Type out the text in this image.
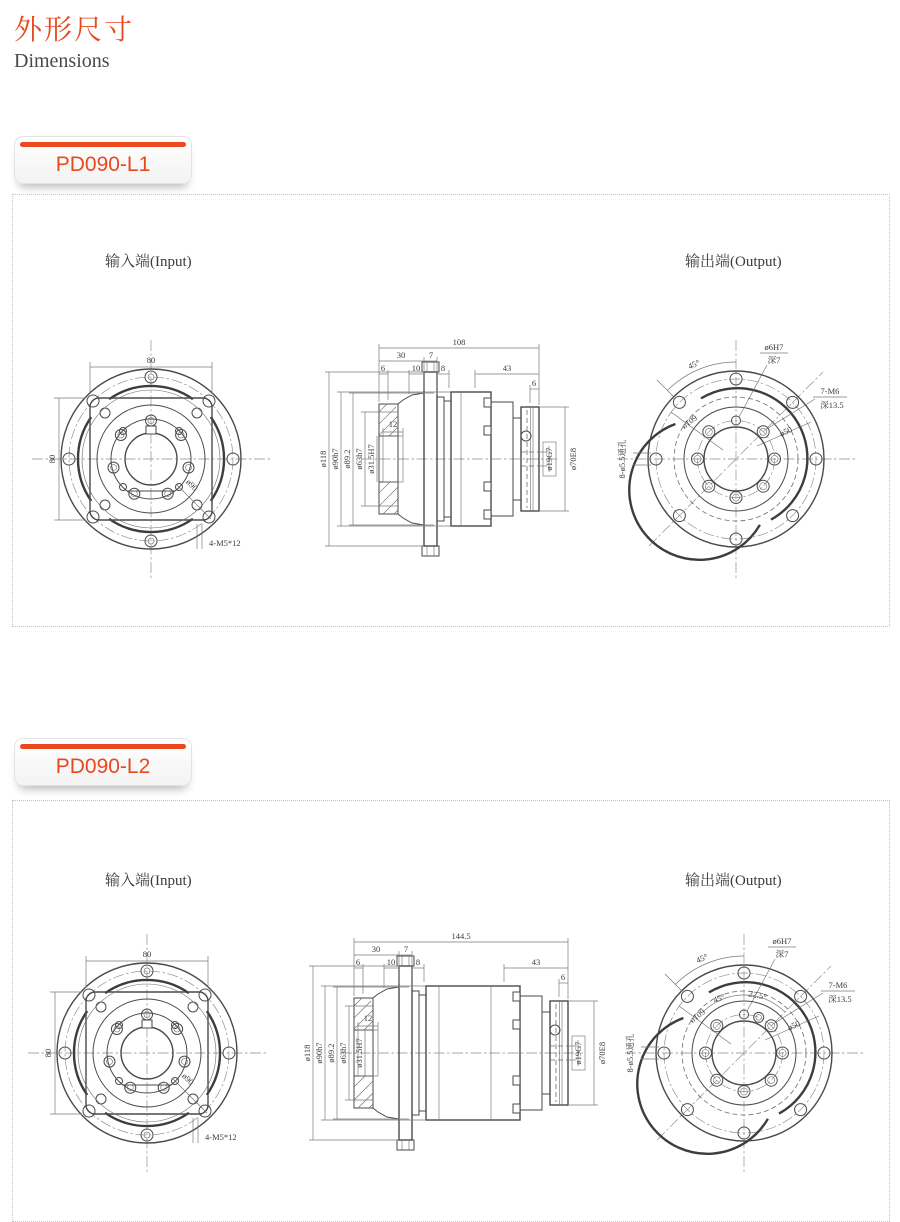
外形尺寸
Dimensions
PD090-L1
输入端(Input)	输出端(Output)
80
80
ø90
4-M5*12
108
30	7
6	10 8	43
6
ø118 ø90h7 ø89.2 ø63h7 ø31.5H7
12
ø19G7 ø70E8
45°
ø6H7
深7
7-M6
深13.5
ø109
ø50
8-ø5.5通孔
PD090-L2
输入端(Input)	输出端(Output)
80
80
ø90
4-M5*12
144.5
30	7
6	10 8	43
6
ø118 ø90h7 ø89.2 ø63h7 ø31.5H7
12
ø19G7 ø70E8
45°
45°	22.5°
ø6H7
深7
7-M6
深13.5
ø109
ø50
8-ø5.5通孔
